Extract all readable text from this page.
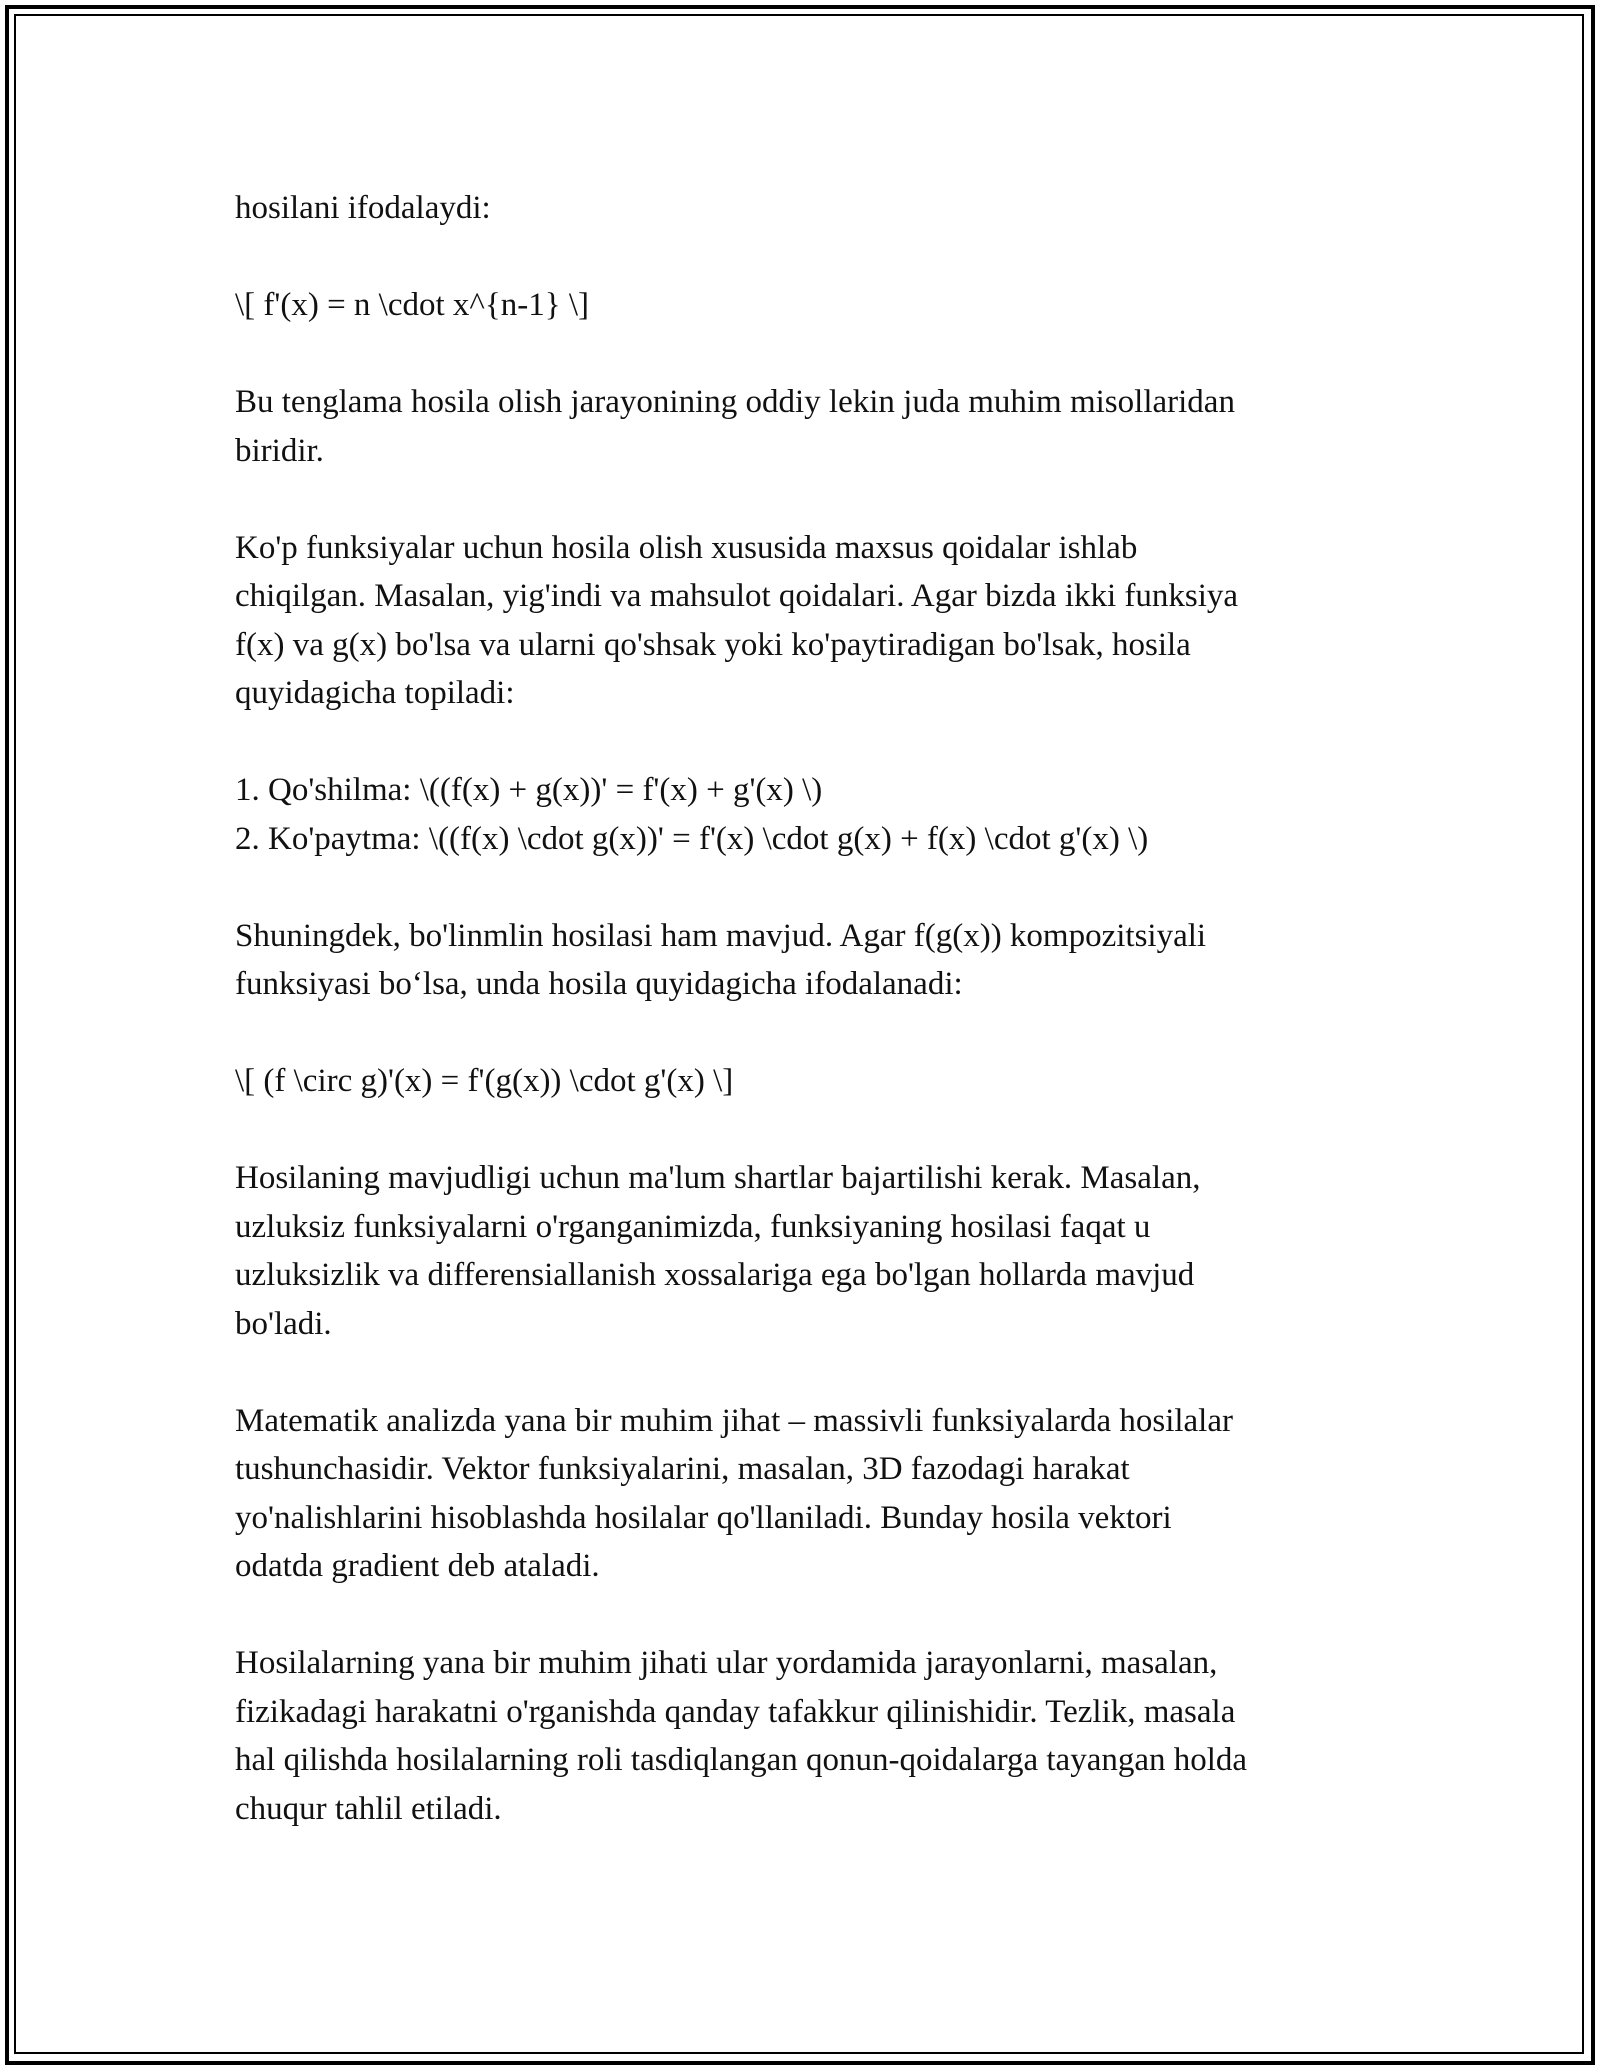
hosilani ifodalaydi:

\[ f'(x) = n \cdot x^{n-1} \]

Bu tenglama hosila olish jarayonining oddiy lekin juda muhim misollaridan
biridir.

Ko'p funksiyalar uchun hosila olish xususida maxsus qoidalar ishlab
chiqilgan. Masalan, yig'indi va mahsulot qoidalari. Agar bizda ikki funksiya
f(x) va g(x) bo'lsa va ularni qo'shsak yoki ko'paytiradigan bo'lsak, hosila
quyidagicha topiladi:

1. Qo'shilma: \((f(x) + g(x))' = f'(x) + g'(x) \)
2. Ko'paytma: \((f(x) \cdot g(x))' = f'(x) \cdot g(x) + f(x) \cdot g'(x) \)

Shuningdek, bo'linmlin hosilasi ham mavjud. Agar f(g(x)) kompozitsiyali
funksiyasi bo‘lsa, unda hosila quyidagicha ifodalanadi:

\[ (f \circ g)'(x) = f'(g(x)) \cdot g'(x) \]

Hosilaning mavjudligi uchun ma'lum shartlar bajartilishi kerak. Masalan,
uzluksiz funksiyalarni o'rganganimizda, funksiyaning hosilasi faqat u
uzluksizlik va differensiallanish xossalariga ega bo'lgan hollarda mavjud
bo'ladi.

Matematik analizda yana bir muhim jihat – massivli funksiyalarda hosilalar
tushunchasidir. Vektor funksiyalarini, masalan, 3D fazodagi harakat
yo'nalishlarini hisoblashda hosilalar qo'llaniladi. Bunday hosila vektori
odatda gradient deb ataladi.

Hosilalarning yana bir muhim jihati ular yordamida jarayonlarni, masalan,
fizikadagi harakatni o'rganishda qanday tafakkur qilinishidir. Tezlik, masala
hal qilishda hosilalarning roli tasdiqlangan qonun-qoidalarga tayangan holda
chuqur tahlil etiladi.
